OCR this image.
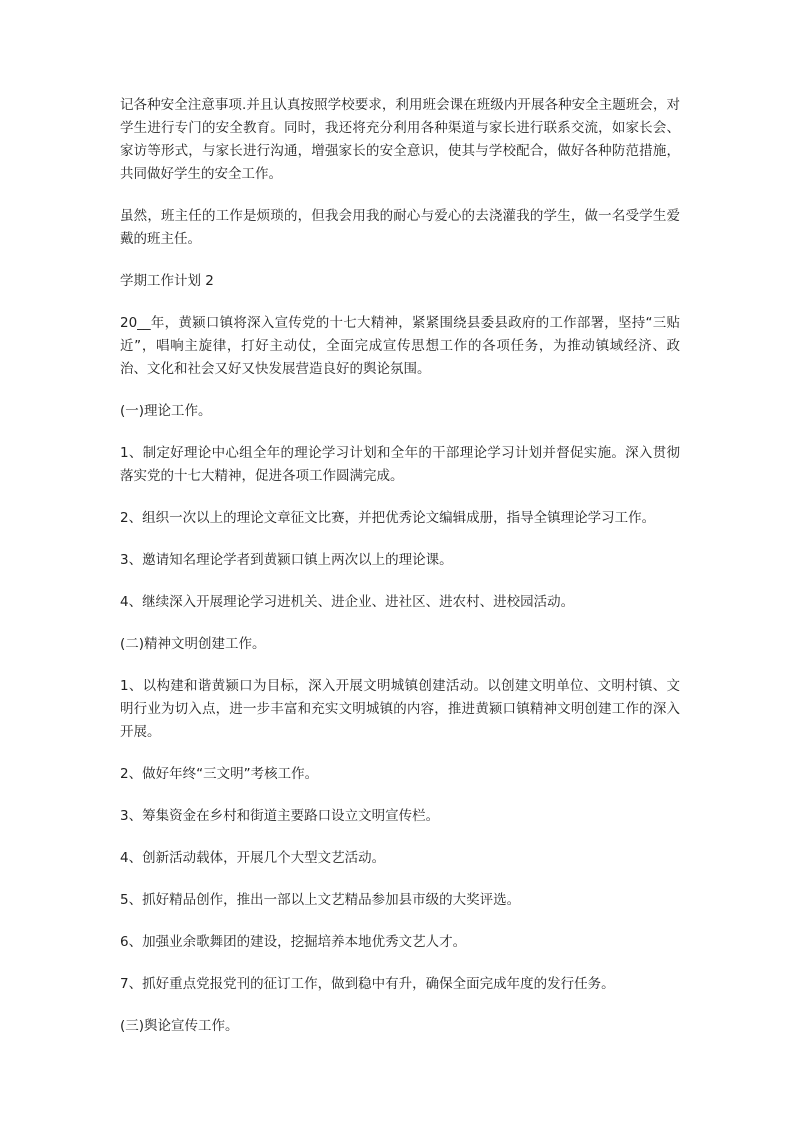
记各种安全注意事项.并且认真按照学校要求，利用班会课在班级内开展各种安全主题班会，对学生进行专门的安全教育。同时，我还将充分利用各种渠道与家长进行联系交流，如家长会、家访等形式，与家长进行沟通，增强家长的安全意识，使其与学校配合，做好各种防范措施，共同做好学生的安全工作。

虽然，班主任的工作是烦琐的，但我会用我的耐心与爱心的去浇灌我的学生，做一名受学生爱戴的班主任。

学期工作计划 2

20__年，黄颍口镇将深入宣传党的十七大精神，紧紧围绕县委县政府的工作部署，坚持“三贴近”，唱响主旋律，打好主动仗，全面完成宣传思想工作的各项任务，为推动镇域经济、政治、文化和社会又好又快发展营造良好的舆论氛围。

(一)理论工作。

1、制定好理论中心组全年的理论学习计划和全年的干部理论学习计划并督促实施。深入贯彻落实党的十七大精神，促进各项工作圆满完成。

2、组织一次以上的理论文章征文比赛，并把优秀论文编辑成册，指导全镇理论学习工作。

3、邀请知名理论学者到黄颍口镇上两次以上的理论课。

4、继续深入开展理论学习进机关、进企业、进社区、进农村、进校园活动。

(二)精神文明创建工作。

1、以构建和谐黄颍口为目标，深入开展文明城镇创建活动。以创建文明单位、文明村镇、文明行业为切入点，进一步丰富和充实文明城镇的内容，推进黄颍口镇精神文明创建工作的深入开展。

2、做好年终“三文明”考核工作。

3、筹集资金在乡村和街道主要路口设立文明宣传栏。

4、创新活动载体，开展几个大型文艺活动。

5、抓好精品创作，推出一部以上文艺精品参加县市级的大奖评选。

6、加强业余歌舞团的建设，挖掘培养本地优秀文艺人才。

7、抓好重点党报党刊的征订工作，做到稳中有升，确保全面完成年度的发行任务。

(三)舆论宣传工作。
